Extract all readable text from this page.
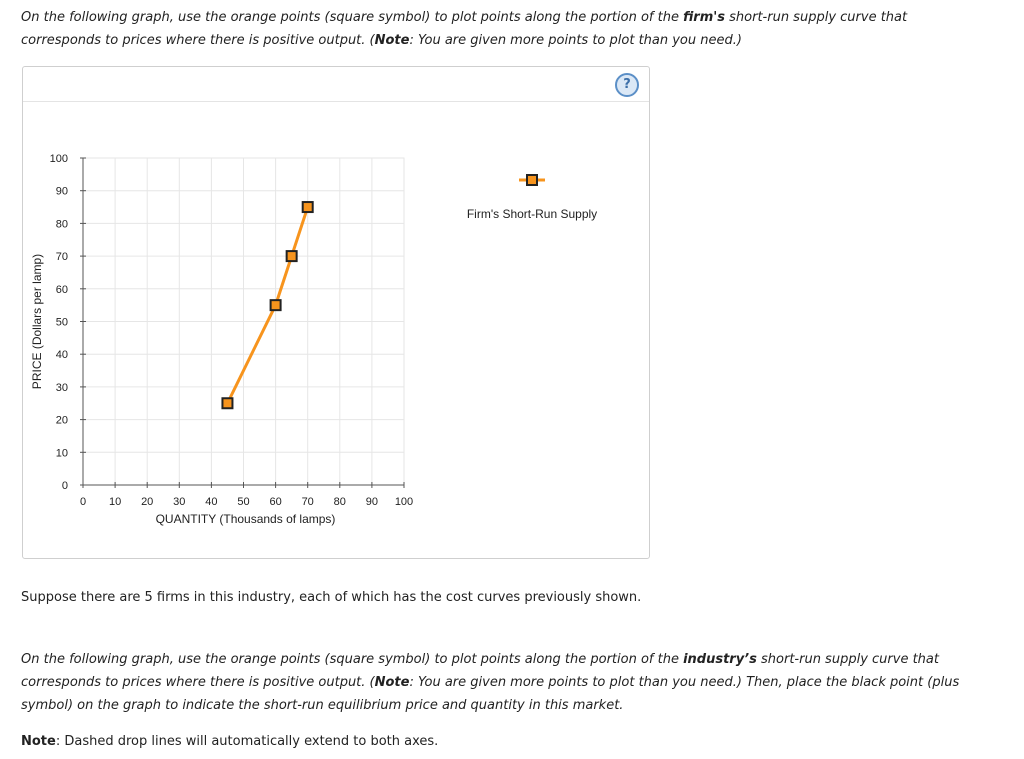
On the following graph, use the orange points (square symbol) to plot points along the portion of the firm's short-run supply curve that corresponds to prices where there is positive output. (Note: You are given more points to plot than you need.)
?
0
10
20
30
40
50
60
70
80
90
100
0 10 20 30 40 50 60 70 80 90 100
QUANTITY (Thousands of lamps)
PRICE (Dollars per lamp)
Firm's Short-Run Supply
Suppose there are 5 firms in this industry, each of which has the cost curves previously shown.
On the following graph, use the orange points (square symbol) to plot points along the portion of the industry’s short-run supply curve that corresponds to prices where there is positive output. (Note: You are given more points to plot than you need.) Then, place the black point (plus symbol) on the graph to indicate the short-run equilibrium price and quantity in this market.
Note: Dashed drop lines will automatically extend to both axes.
